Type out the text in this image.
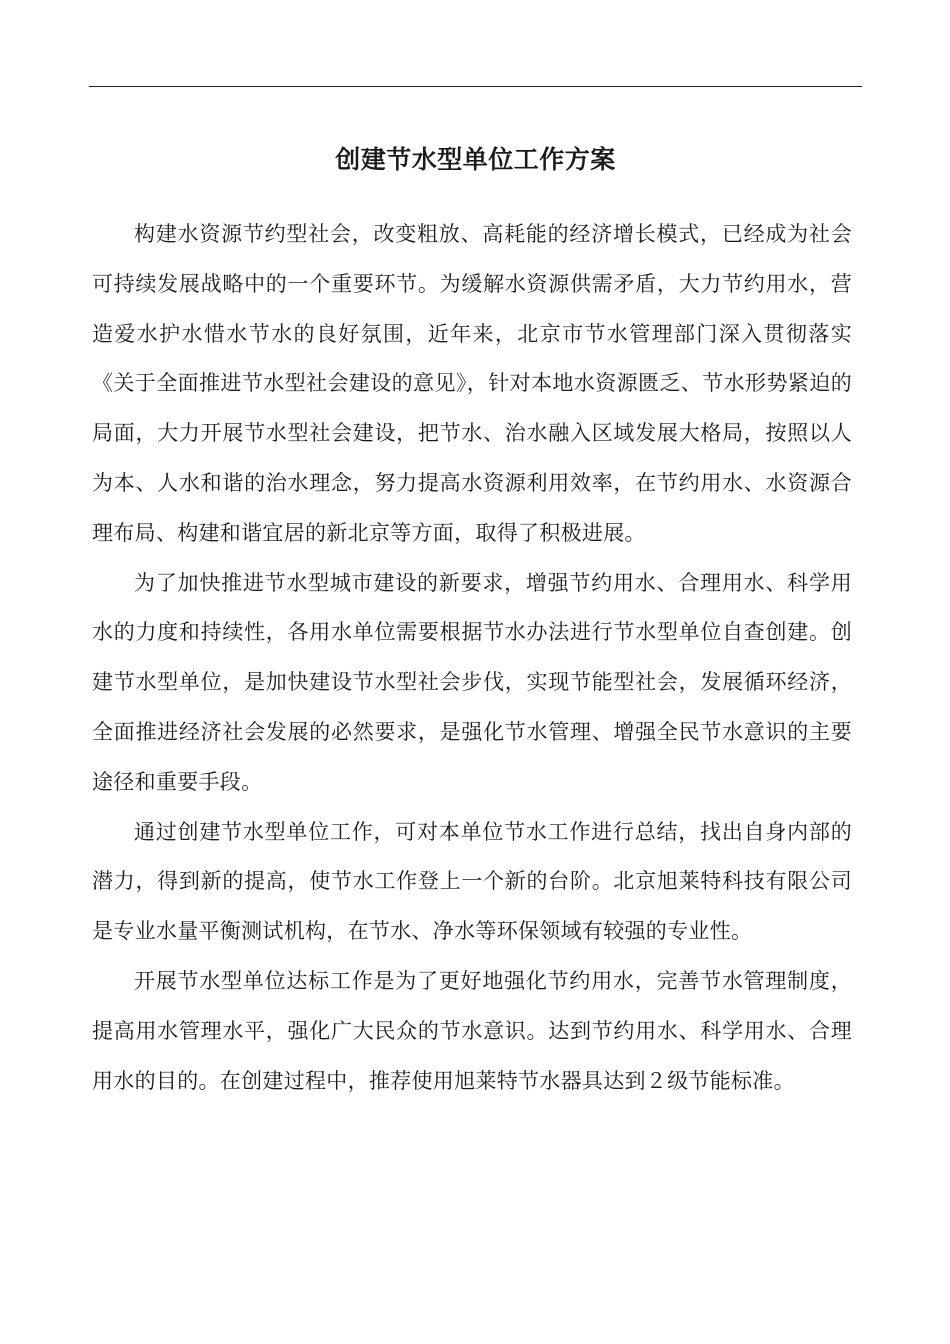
创建节水型单位工作方案

构建水资源节约型社会，改变粗放、高耗能的经济增长模式，已经成为社会可持续发展战略中的一个重要环节。为缓解水资源供需矛盾，大力节约用水，营造爱水护水惜水节水的良好氛围，近年来，北京市节水管理部门深入贯彻落实《关于全面推进节水型社会建设的意见》，针对本地水资源匮乏、节水形势紧迫的局面，大力开展节水型社会建设，把节水、治水融入区域发展大格局，按照以人为本、人水和谐的治水理念，努力提高水资源利用效率，在节约用水、水资源合理布局、构建和谐宜居的新北京等方面，取得了积极进展。

为了加快推进节水型城市建设的新要求，增强节约用水、合理用水、科学用水的力度和持续性，各用水单位需要根据节水办法进行节水型单位自查创建。创建节水型单位，是加快建设节水型社会步伐，实现节能型社会，发展循环经济，全面推进经济社会发展的必然要求，是强化节水管理、增强全民节水意识的主要途径和重要手段。

通过创建节水型单位工作，可对本单位节水工作进行总结，找出自身内部的潜力，得到新的提高，使节水工作登上一个新的台阶。北京旭莱特科技有限公司是专业水量平衡测试机构，在节水、净水等环保领域有较强的专业性。

开展节水型单位达标工作是为了更好地强化节约用水，完善节水管理制度，提高用水管理水平，强化广大民众的节水意识。达到节约用水、科学用水、合理用水的目的。在创建过程中，推荐使用旭莱特节水器具达到２级节能标准。
